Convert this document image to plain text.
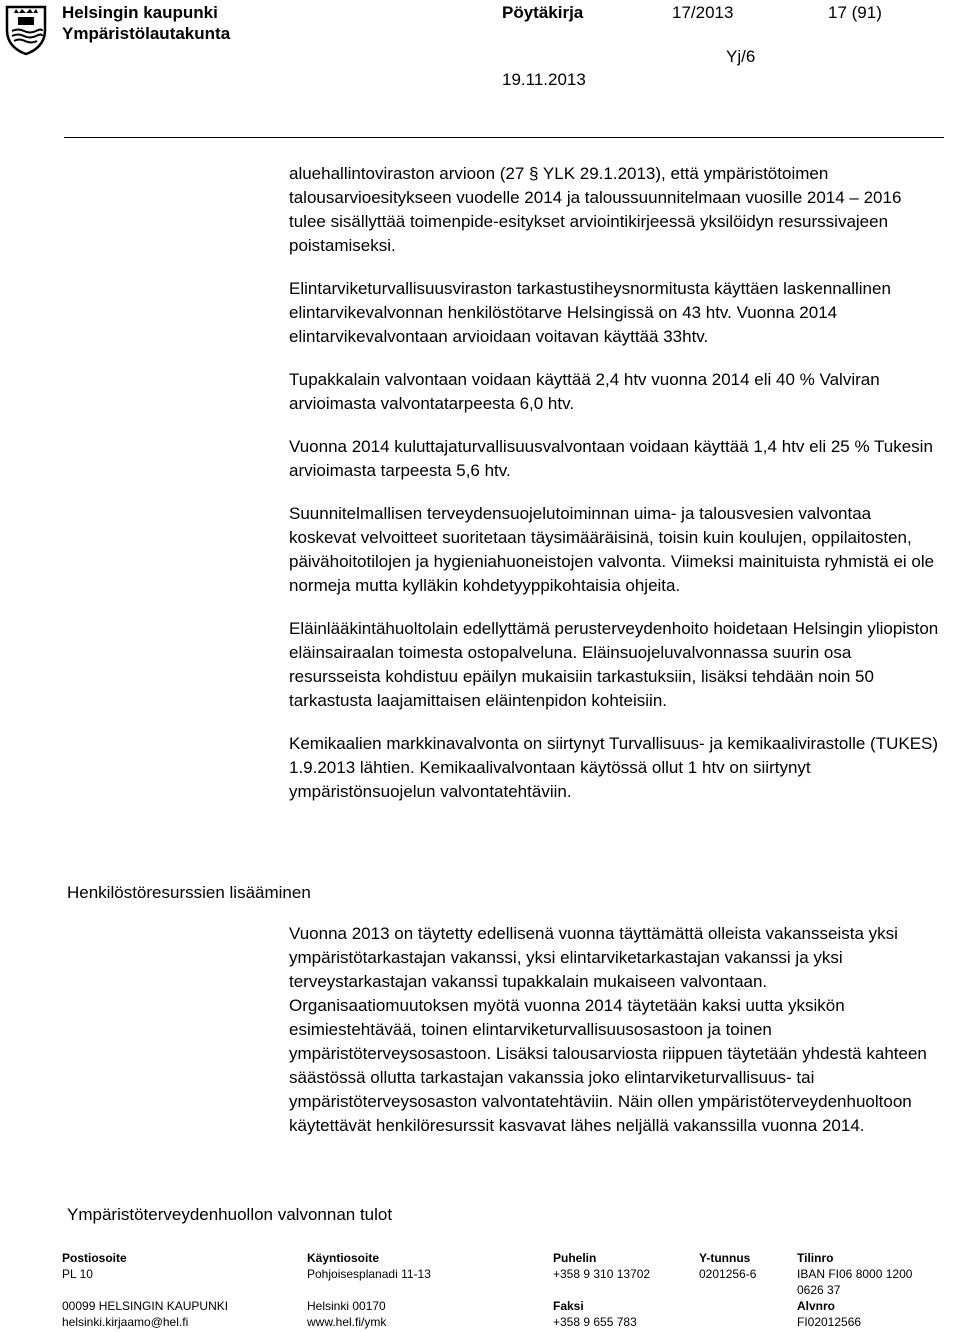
Helsingin kaupunki
Ympäristölautakunta
Pöytäkirja	17/2013	17 (91)
Yj/6
19.11.2013

aluehallintoviraston arvioon (27 § YLK 29.1.2013), että ympäristötoimen talousarvioesitykseen vuodelle 2014 ja taloussuunnitelmaan vuosille 2014 – 2016 tulee sisällyttää toimenpide-esitykset arviointikirjeessä yksilöidyn resurssivajeen poistamiseksi.

Elintarviketurvallisuusviraston tarkastustiheysnormitusta käyttäen laskennallinen elintarvikevalvonnan henkilöstötarve Helsingissä on 43 htv. Vuonna 2014 elintarvikevalvontaan arvioidaan voitavan käyttää 33htv.

Tupakkalain valvontaan voidaan käyttää 2,4 htv vuonna 2014 eli 40 % Valviran arvioimasta valvontatarpeesta 6,0 htv.

Vuonna 2014 kuluttajaturvallisuusvalvontaan voidaan käyttää 1,4 htv eli 25 % Tukesin arvioimasta tarpeesta 5,6 htv.

Suunnitelmallisen terveydensuojelutoiminnan uima- ja talousvesien valvontaa koskevat velvoitteet suoritetaan täysimääräisinä, toisin kuin koulujen, oppilaitosten, päivähoitotilojen ja hygieniahuoneistojen valvonta. Viimeksi mainituista ryhmistä ei ole normeja mutta kylläkin kohdetyyppikohtaisia ohjeita.

Eläinlääkintähuoltolain edellyttämä perusterveydenhoito hoidetaan Helsingin yliopiston eläinsairaalan toimesta ostopalveluna. Eläinsuojeluvalvonnassa suurin osa resursseista kohdistuu epäilyn mukaisiin tarkastuksiin, lisäksi tehdään noin 50 tarkastusta laajamittaisen eläintenpidon kohteisiin.

Kemikaalien markkinavalvonta on siirtynyt Turvallisuus- ja kemikaalivirastolle (TUKES) 1.9.2013 lähtien. Kemikaalivalvontaan käytössä ollut 1 htv on siirtynyt ympäristönsuojelun valvontatehtäviin.

Henkilöstöresurssien lisääminen

Vuonna 2013 on täytetty edellisenä vuonna täyttämättä olleista vakansseista yksi ympäristötarkastajan vakanssi, yksi elintarviketarkastajan vakanssi ja yksi terveystarkastajan vakanssi tupakkalain mukaiseen valvontaan. Organisaatiomuutoksen myötä vuonna 2014 täytetään kaksi uutta yksikön esimiestehtävää, toinen elintarviketurvallisuusosastoon ja toinen ympäristöterveysosastoon. Lisäksi talousarviosta riippuen täytetään yhdestä kahteen säästössä ollutta tarkastajan vakanssia joko elintarviketurvallisuus- tai ympäristöterveysosaston valvontatehtäviin. Näin ollen ympäristöterveydenhuoltoon käytettävät henkilöresurssit kasvavat lähes neljällä vakanssilla vuonna 2014.

Ympäristöterveydenhuollon valvonnan tulot
Postiosoite
PL 10
00099 HELSINGIN KAUPUNKI
helsinki.kirjaamo@hel.fi
Käyntiosoite
Pohjoisesplanadi 11-13
Helsinki 00170
www.hel.fi/ymk
Puhelin
+358 9 310 13702
Faksi
+358 9 655 783
Y-tunnus
0201256-6
Tilinro
IBAN FI06 8000 1200
0626 37
Alvnro
FI02012566
